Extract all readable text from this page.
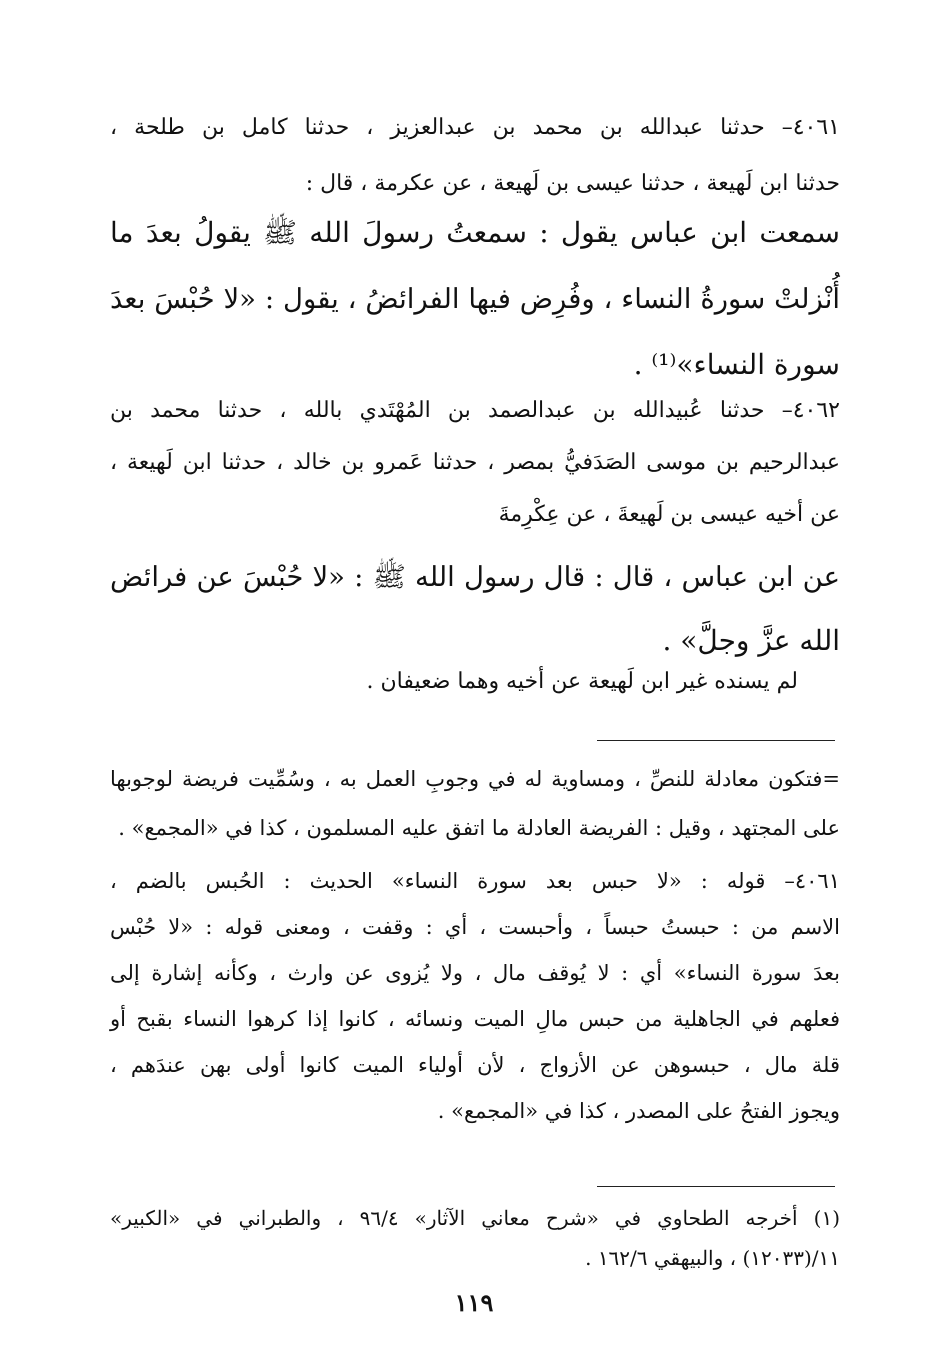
٤٠٦١– حدثنا عبدالله بن محمد بن عبدالعزيز ، حدثنا كامل بن طلحة ،
حدثنا ابن لَهيعة ، حدثنا عيسى بن لَهيعة ، عن عكرمة ، قال :
سمعت ابن عباس يقول : سمعتُ رسولَ الله ﷺ يقولُ بعدَ ما
أُنْزلتْ سورةُ النساء ، وفُرِض فيها الفرائضُ ، يقول : «لا حُبْسَ بعدَ
سورة النساء»⁽¹⁾ .
٤٠٦٢– حدثنا عُبيدالله بن عبدالصمد بن المُهْتَدي بالله ، حدثنا محمد بن
عبدالرحيم بن موسى الصَدَفيُّ بمصر ، حدثنا عَمرو بن خالد ، حدثنا ابن لَهيعة ،
عن أخيه عيسى بن لَهيعةَ ، عن عِكْرِمةَ
عن ابن عباس ، قال : قال رسول الله ﷺ : «لا حُبْسَ عن فرائض
الله عزَّ وجلَّ» .
لم يسنده غير ابن لَهيعة عن أخيه وهما ضعيفان .
=فتكون معادلة للنصِّ ، ومساوية له في وجوبِ العمل به ، وسُمِّيت فريضة لوجوبها
على المجتهد ، وقيل : الفريضة العادلة ما اتفق عليه المسلمون ، كذا في «المجمع» .
٤٠٦١– قوله : «لا حبس بعد سورة النساء» الحديث : الحُبس بالضم ،
الاسم من : حبستُ حبساً ، وأحبست ، أي : وقفت ، ومعنى قوله : «لا حُبْس
بعدَ سورة النساء» أي : لا يُوقف مال ، ولا يُزوى عن وارث ، وكأنه إشارة إلى
فعلهم في الجاهلية من حبس مالِ الميت ونسائه ، كانوا إذا كرهوا النساء بقبح أو
قلة مال ، حبسوهن عن الأزواج ، لأن أولياء الميت كانوا أولى بهن عندَهم ،
ويجوز الفتحُ على المصدر ، كذا في «المجمع» .
(١) أخرجه الطحاوي في «شرح معاني الآثار» ٩٦/٤ ، والطبراني في «الكبير»
١١/(١٢٠٣٣) ، والبيهقي ١٦٢/٦ .
١١٩
